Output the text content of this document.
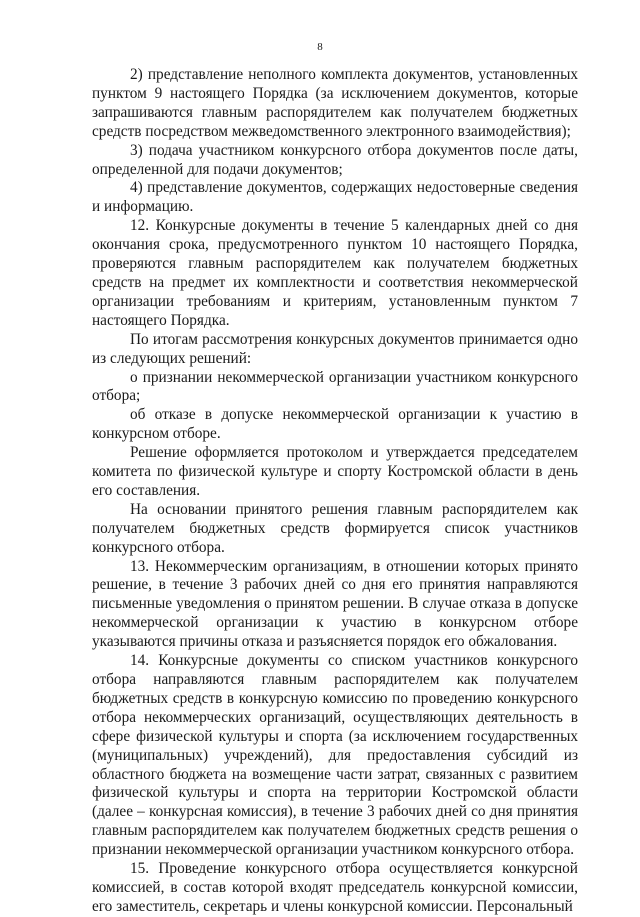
8

2) представление неполного комплекта документов, установленных пунктом 9 настоящего Порядка (за исключением документов, которые запрашиваются главным распорядителем как получателем бюджетных средств посредством межведомственного электронного взаимодействия);

3) подача участником конкурсного отбора документов после даты, определенной для подачи документов;

4) представление документов, содержащих недостоверные сведения и информацию.

12. Конкурсные документы в течение 5 календарных дней со дня окончания срока, предусмотренного пунктом 10 настоящего Порядка, проверяются главным распорядителем как получателем бюджетных средств на предмет их комплектности и соответствия некоммерческой организации требованиям и критериям, установленным пунктом 7 настоящего Порядка.

По итогам рассмотрения конкурсных документов принимается одно из следующих решений:

о признании некоммерческой организации участником конкурсного отбора;

об отказе в допуске некоммерческой организации к участию в конкурсном отборе.

Решение оформляется протоколом и утверждается председателем комитета по физической культуре и спорту Костромской области в день его составления.

На основании принятого решения главным распорядителем как получателем бюджетных средств формируется список участников конкурсного отбора.

13. Некоммерческим организациям, в отношении которых принято решение, в течение 3 рабочих дней со дня его принятия направляются письменные уведомления о принятом решении. В случае отказа в допуске некоммерческой организации к участию в конкурсном отборе указываются причины отказа и разъясняется порядок его обжалования.

14. Конкурсные документы со списком участников конкурсного отбора направляются главным распорядителем как получателем бюджетных средств в конкурсную комиссию по проведению конкурсного отбора некоммерческих организаций, осуществляющих деятельность в сфере физической культуры и спорта (за исключением государственных (муниципальных) учреждений), для предоставления субсидий из областного бюджета на возмещение части затрат, связанных с развитием физической культуры и спорта на территории Костромской области (далее – конкурсная комиссия), в течение 3 рабочих дней со дня принятия главным распорядителем как получателем бюджетных средств решения о признании некоммерческой организации участником конкурсного отбора.

15. Проведение конкурсного отбора осуществляется конкурсной комиссией, в состав которой входят председатель конкурсной комиссии, его заместитель, секретарь и члены конкурсной комиссии. Персональный
